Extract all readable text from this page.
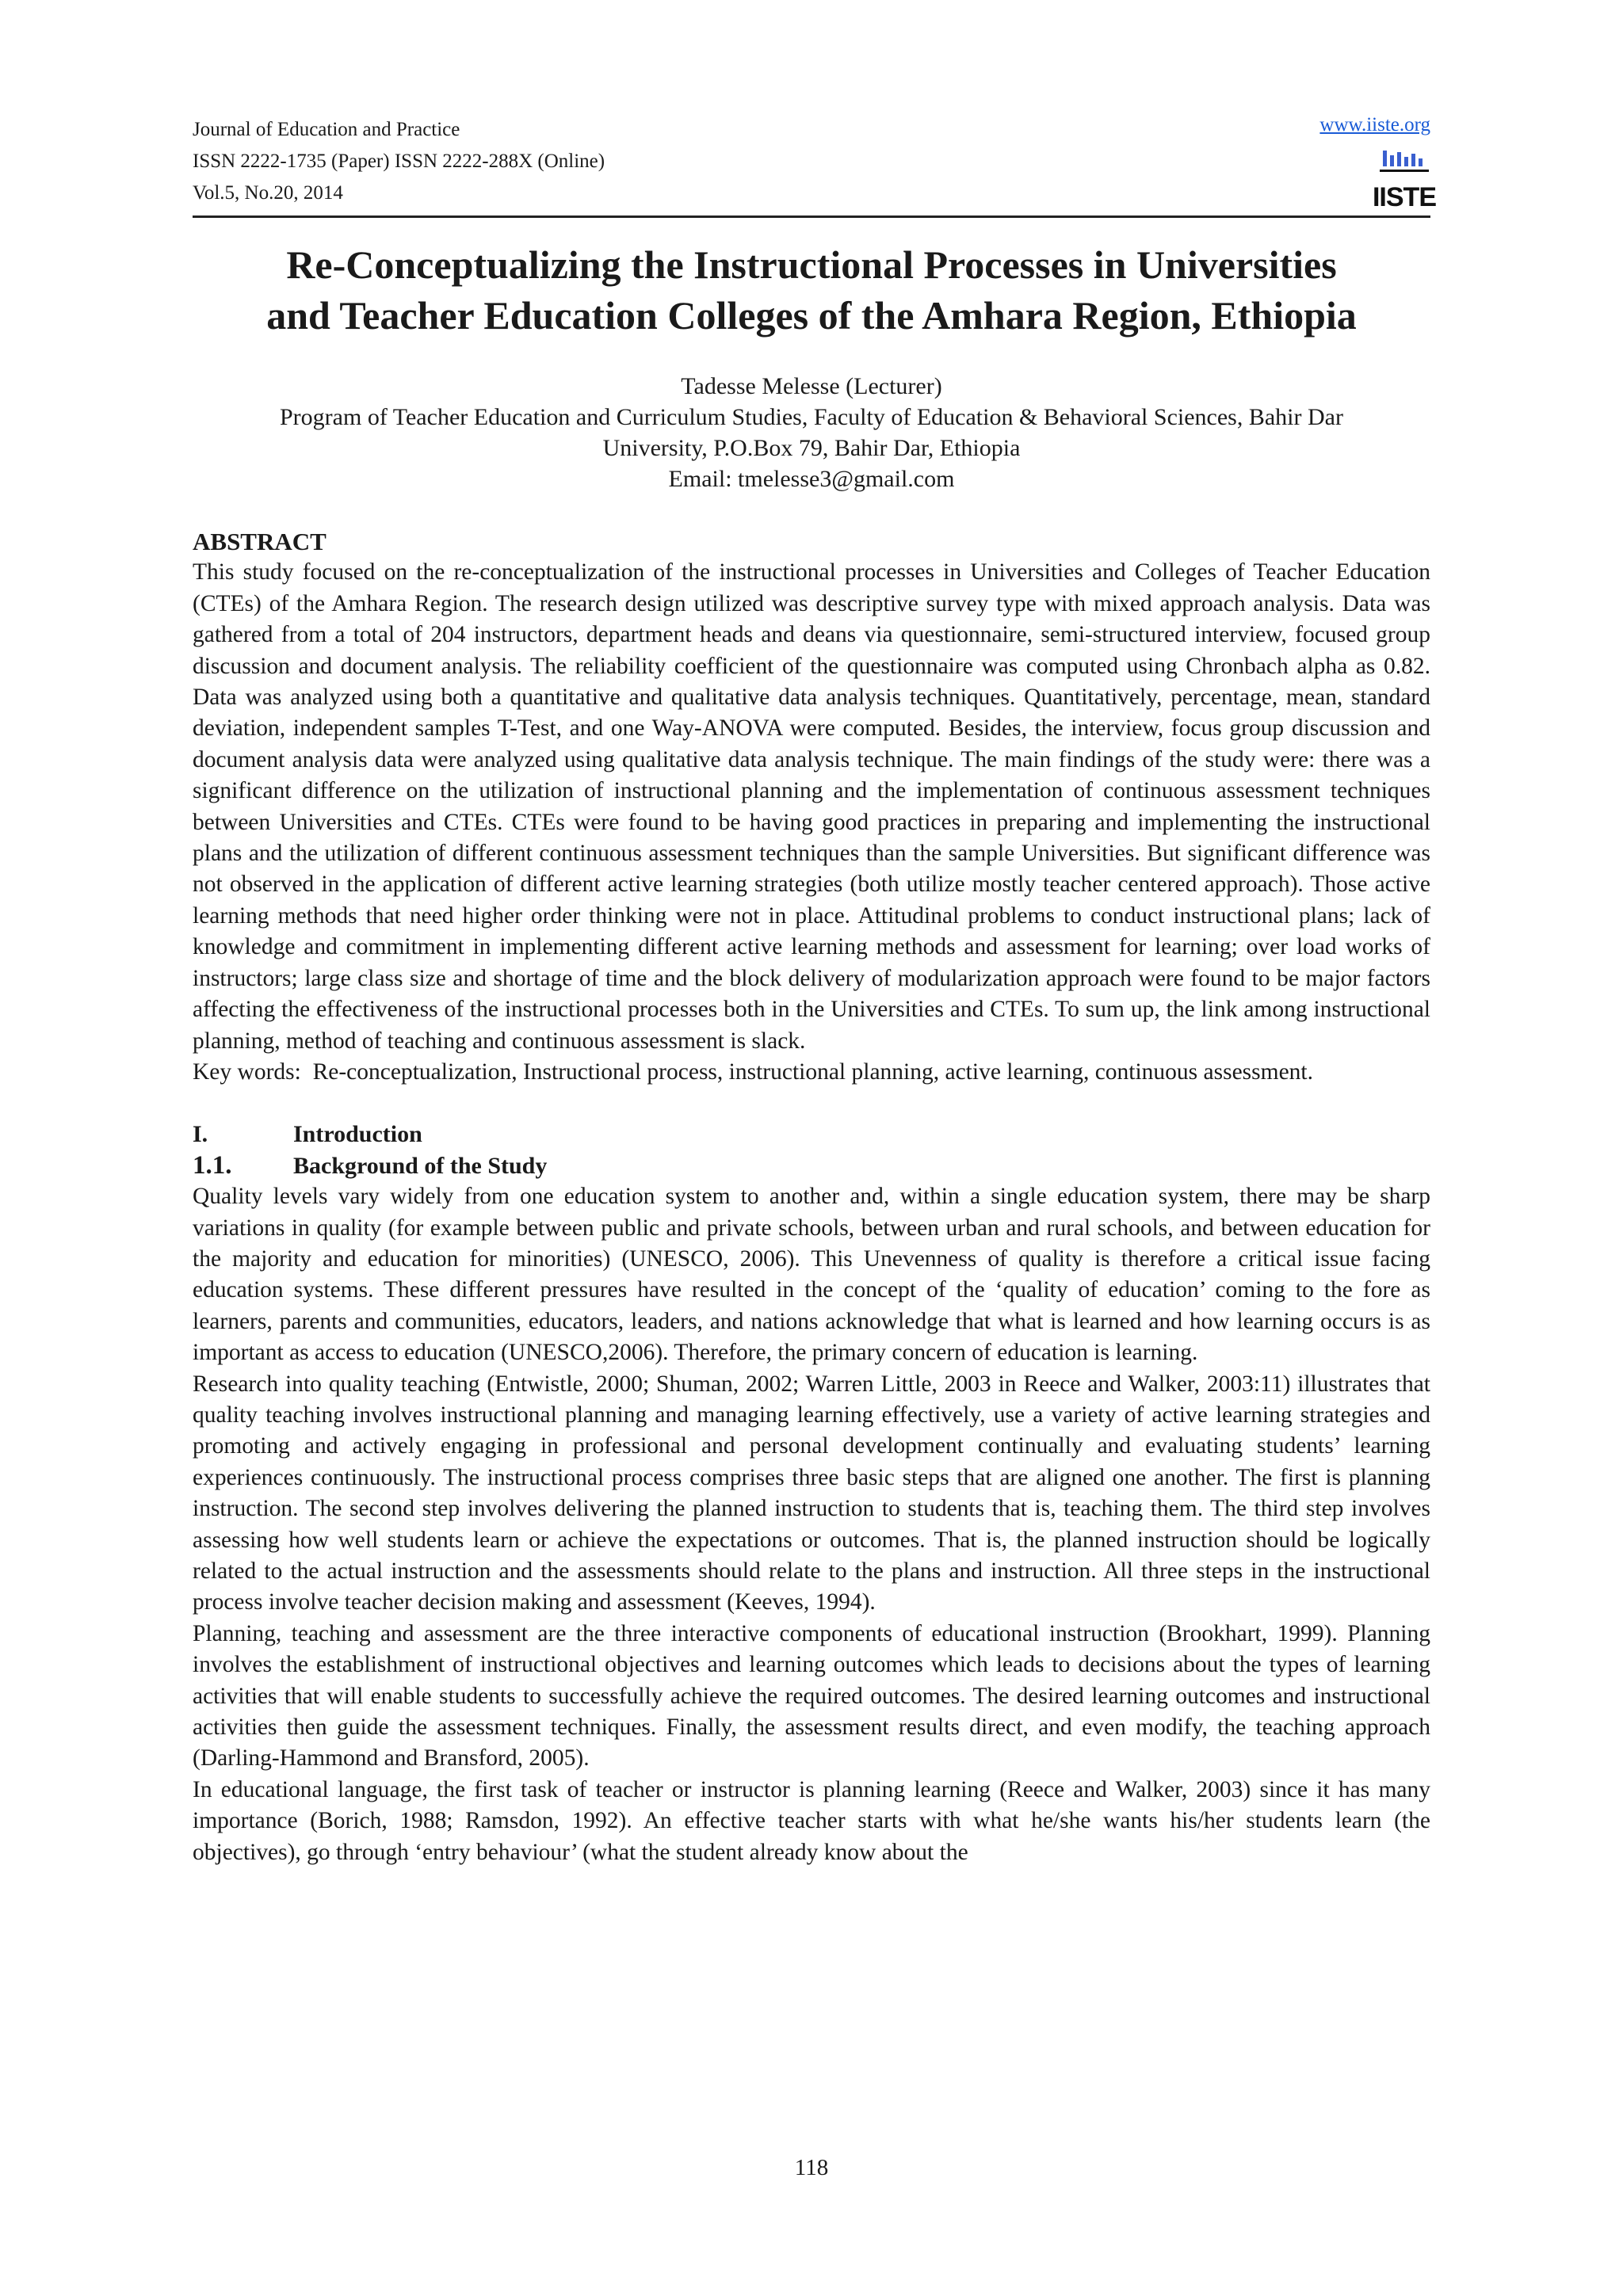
Journal of Education and Practice
ISSN 2222-1735 (Paper) ISSN 2222-288X (Online)
Vol.5, No.20, 2014
www.iiste.org
IISTE
Re-Conceptualizing the Instructional Processes in Universities
and Teacher Education Colleges of the Amhara Region, Ethiopia
Tadesse Melesse (Lecturer)
Program of Teacher Education and Curriculum Studies, Faculty of Education & Behavioral Sciences, Bahir Dar
University, P.O.Box 79, Bahir Dar, Ethiopia
Email: tmelesse3@gmail.com
ABSTRACT

This study focused on the re-conceptualization of the instructional processes in Universities and Colleges of Teacher Education (CTEs) of the Amhara Region. The research design utilized was descriptive survey type with mixed approach analysis. Data was gathered from a total of 204 instructors, department heads and deans via questionnaire, semi-structured interview, focused group discussion and document analysis. The reliability coefficient of the questionnaire was computed using Chronbach alpha as 0.82. Data was analyzed using both a quantitative and qualitative data analysis techniques. Quantitatively, percentage, mean, standard deviation, independent samples T-Test, and one Way-ANOVA were computed. Besides, the interview, focus group discussion and document analysis data were analyzed using qualitative data analysis technique. The main findings of the study were: there was a significant difference on the utilization of instructional planning and the implementation of continuous assessment techniques between Universities and CTEs. CTEs were found to be having good practices in preparing and implementing the instructional plans and the utilization of different continuous assessment techniques than the sample Universities. But significant difference was not observed in the application of different active learning strategies (both utilize mostly teacher centered approach). Those active learning methods that need higher order thinking were not in place. Attitudinal problems to conduct instructional plans; lack of knowledge and commitment in implementing different active learning methods and assessment for learning; over load works of instructors; large class size and shortage of time and the block delivery of modularization approach were found to be major factors affecting the effectiveness of the instructional processes both in the Universities and CTEs. To sum up, the link among instructional planning, method of teaching and continuous assessment is slack.

Key words: Re-conceptualization, Instructional process, instructional planning, active learning, continuous assessment.

I.	Introduction
1.1.	Background of the Study

Quality levels vary widely from one education system to another and, within a single education system, there may be sharp variations in quality (for example between public and private schools, between urban and rural schools, and between education for the majority and education for minorities) (UNESCO, 2006). This Unevenness of quality is therefore a critical issue facing education systems. These different pressures have resulted in the concept of the ‘quality of education’ coming to the fore as learners, parents and communities, educators, leaders, and nations acknowledge that what is learned and how learning occurs is as important as access to education (UNESCO,2006). Therefore, the primary concern of education is learning.

Research into quality teaching (Entwistle, 2000; Shuman, 2002; Warren Little, 2003 in Reece and Walker, 2003:11) illustrates that quality teaching involves instructional planning and managing learning effectively, use a variety of active learning strategies and promoting and actively engaging in professional and personal development continually and evaluating students’ learning experiences continuously. The instructional process comprises three basic steps that are aligned one another. The first is planning instruction. The second step involves delivering the planned instruction to students that is, teaching them. The third step involves assessing how well students learn or achieve the expectations or outcomes. That is, the planned instruction should be logically related to the actual instruction and the assessments should relate to the plans and instruction. All three steps in the instructional process involve teacher decision making and assessment (Keeves, 1994).

Planning, teaching and assessment are the three interactive components of educational instruction (Brookhart, 1999). Planning involves the establishment of instructional objectives and learning outcomes which leads to decisions about the types of learning activities that will enable students to successfully achieve the required outcomes. The desired learning outcomes and instructional activities then guide the assessment techniques. Finally, the assessment results direct, and even modify, the teaching approach (Darling-Hammond and Bransford, 2005).

In educational language, the first task of teacher or instructor is planning learning (Reece and Walker, 2003) since it has many importance (Borich, 1988; Ramsdon, 1992). An effective teacher starts with what he/she wants his/her students learn (the objectives), go through ‘entry behaviour’ (what the student already know about the

118
